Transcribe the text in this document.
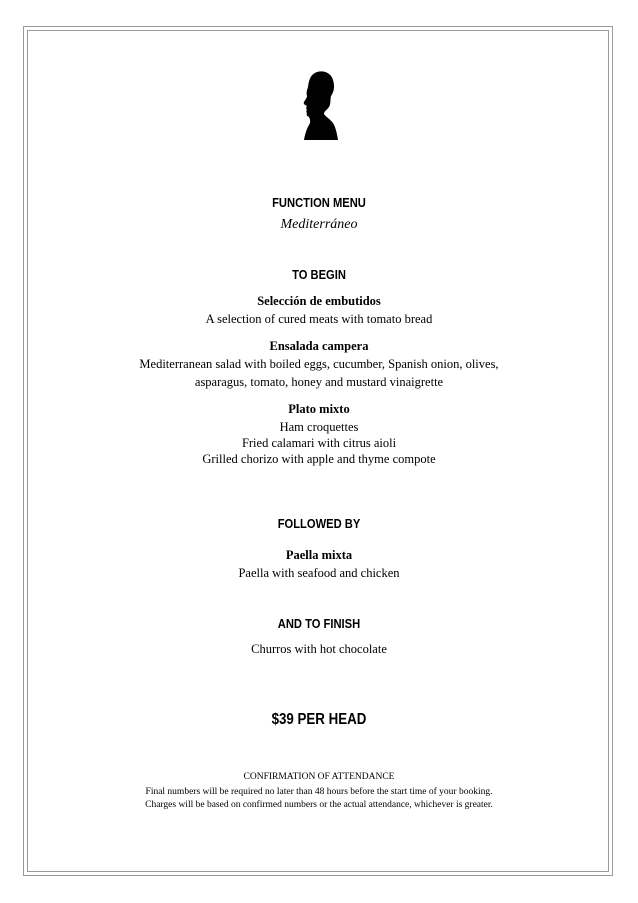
FUNCTION MENU
Mediterráneo
TO BEGIN
Selección de embutidos
A selection of cured meats with tomato bread
Ensalada campera
Mediterranean salad with boiled eggs, cucumber, Spanish onion, olives,
asparagus, tomato, honey and mustard vinaigrette
Plato mixto
Ham croquettes
Fried calamari with citrus aioli
Grilled chorizo with apple and thyme compote
FOLLOWED BY
Paella mixta
Paella with seafood and chicken
AND TO FINISH
Churros with hot chocolate
$39 PER HEAD
CONFIRMATION OF ATTENDANCE
Final numbers will be required no later than 48 hours before the start time of your booking.
Charges will be based on confirmed numbers or the actual attendance, whichever is greater.
